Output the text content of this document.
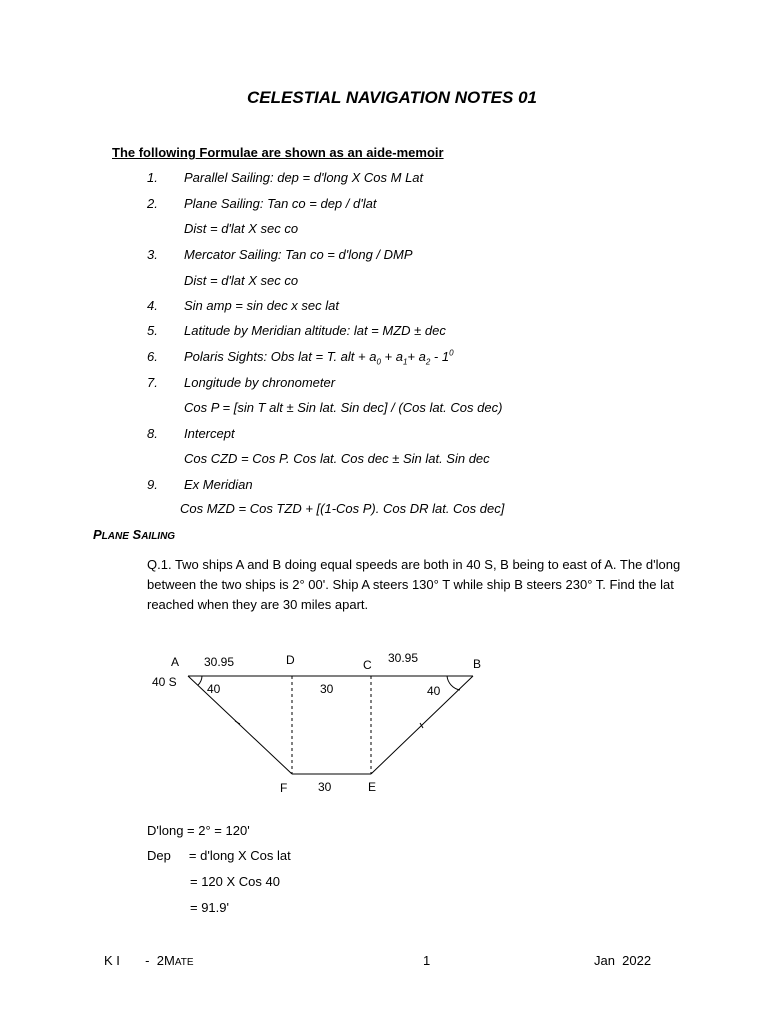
CELESTIAL NAVIGATION NOTES 01
The following Formulae are shown as an aide-memoir
1. Parallel Sailing: dep = d'long X Cos M Lat
2. Plane Sailing: Tan co = dep / d'lat
Dist = d'lat X sec co
3. Mercator Sailing: Tan co = d'long / DMP
Dist = d'lat X sec co
4. Sin amp = sin dec x sec lat
5. Latitude by Meridian altitude: lat = MZD ± dec
6. Polaris Sights: Obs lat = T. alt + $a_0 + a_1+ a_2 - 1^0$
7. Longitude by chronometer
Cos P = [sin T alt ± Sin lat. Sin dec] / (Cos lat. Cos dec)
8. Intercept
Cos CZD = Cos P. Cos lat. Cos dec ± Sin lat. Sin dec
9. Ex Meridian
Cos MZD = Cos TZD + [(1-Cos P). Cos DR lat. Cos dec]
PLANE SAILING
Q.1. Two ships A and B doing equal speeds are both in 40 S, B being to east of A. The d'long between the two ships is 2° 00'. Ship A steers 130° T while ship B steers 230° T. Find the lat reached when they are 30 miles apart.
A
40 S
30.95	D	C 30.95	B
40	30	40
F	30	E
D'long = 2° = 120'
Dep     = d'long X Cos lat
= 120 X Cos 40
= 91.9'
K I       -  2MATE	1	Jan  2022
